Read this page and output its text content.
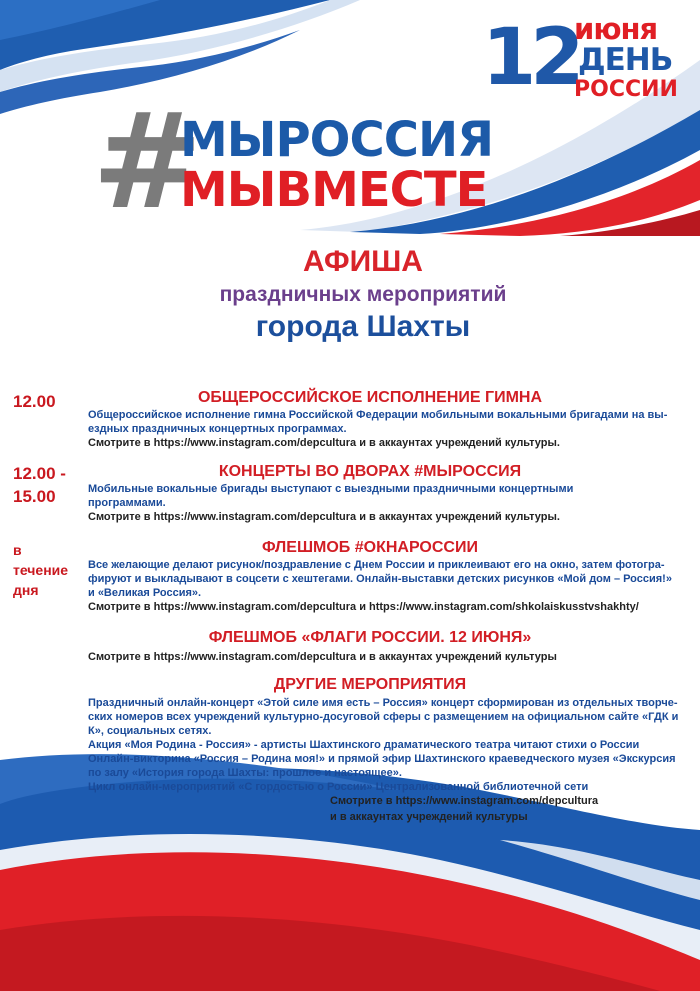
12
июня
ДЕНЬ
РОССИИ
#
МЫРОССИЯ
МЫВМЕСТЕ
АФИША
праздничных мероприятий
города Шахты
12.00	ОБЩЕРОССИЙСКОЕ ИСПОЛНЕНИЕ ГИМНА
Общероссийское исполнение гимна Российской Федерации мобильными вокальными бригадами на вы-
ездных праздничных концертных программах.
Смотрите в https://www.instagram.com/depcultura и в аккаунтах учреждений культуры.
12.00 -
15.00
КОНЦЕРТЫ ВО ДВОРАХ #МЫРОССИЯ
Мобильные вокальные бригады выступают с выездными праздничными концертными
программами.
Смотрите в https://www.instagram.com/depcultura и в аккаунтах учреждений культуры.
в
течение
дня
ФЛЕШМОБ #ОКНАРОССИИ
Все желающие делают рисунок/поздравление с Днем России и приклеивают его на окно, затем фотогра-
фируют и выкладывают в соцсети с хештегами. Онлайн-выставки детских рисунков «Мой дом – Россия!»
и «Великая Россия».
Смотрите в https://www.instagram.com/depcultura и https://www.instagram.com/shkolaiskusstvshakhty/
ФЛЕШМОБ «ФЛАГИ РОССИИ. 12 ИЮНЯ»
Смотрите в https://www.instagram.com/depcultura и в аккаунтах учреждений культуры
ДРУГИЕ МЕРОПРИЯТИЯ
Праздничный онлайн-концерт «Этой силе имя есть – Россия» концерт сформирован из отдельных творче-
ских номеров всех учреждений культурно-досуговой сферы с размещением на официальном сайте «ГДК и
К», социальных сетях.
Акция «Моя Родина - Россия» - артисты Шахтинского драматического театра читают стихи о России
Онлайн-викторина «Россия – Родина моя!» и прямой эфир Шахтинского краеведческого музея «Экскурсия
по залу «История города Шахты: прошлое и настоящее».
Цикл онлайн-мероприятий «С гордостью о России» Централизованной библиотечной сети
Смотрите в https://www.instagram.com/depcultura
и в аккаунтах учреждений культуры
